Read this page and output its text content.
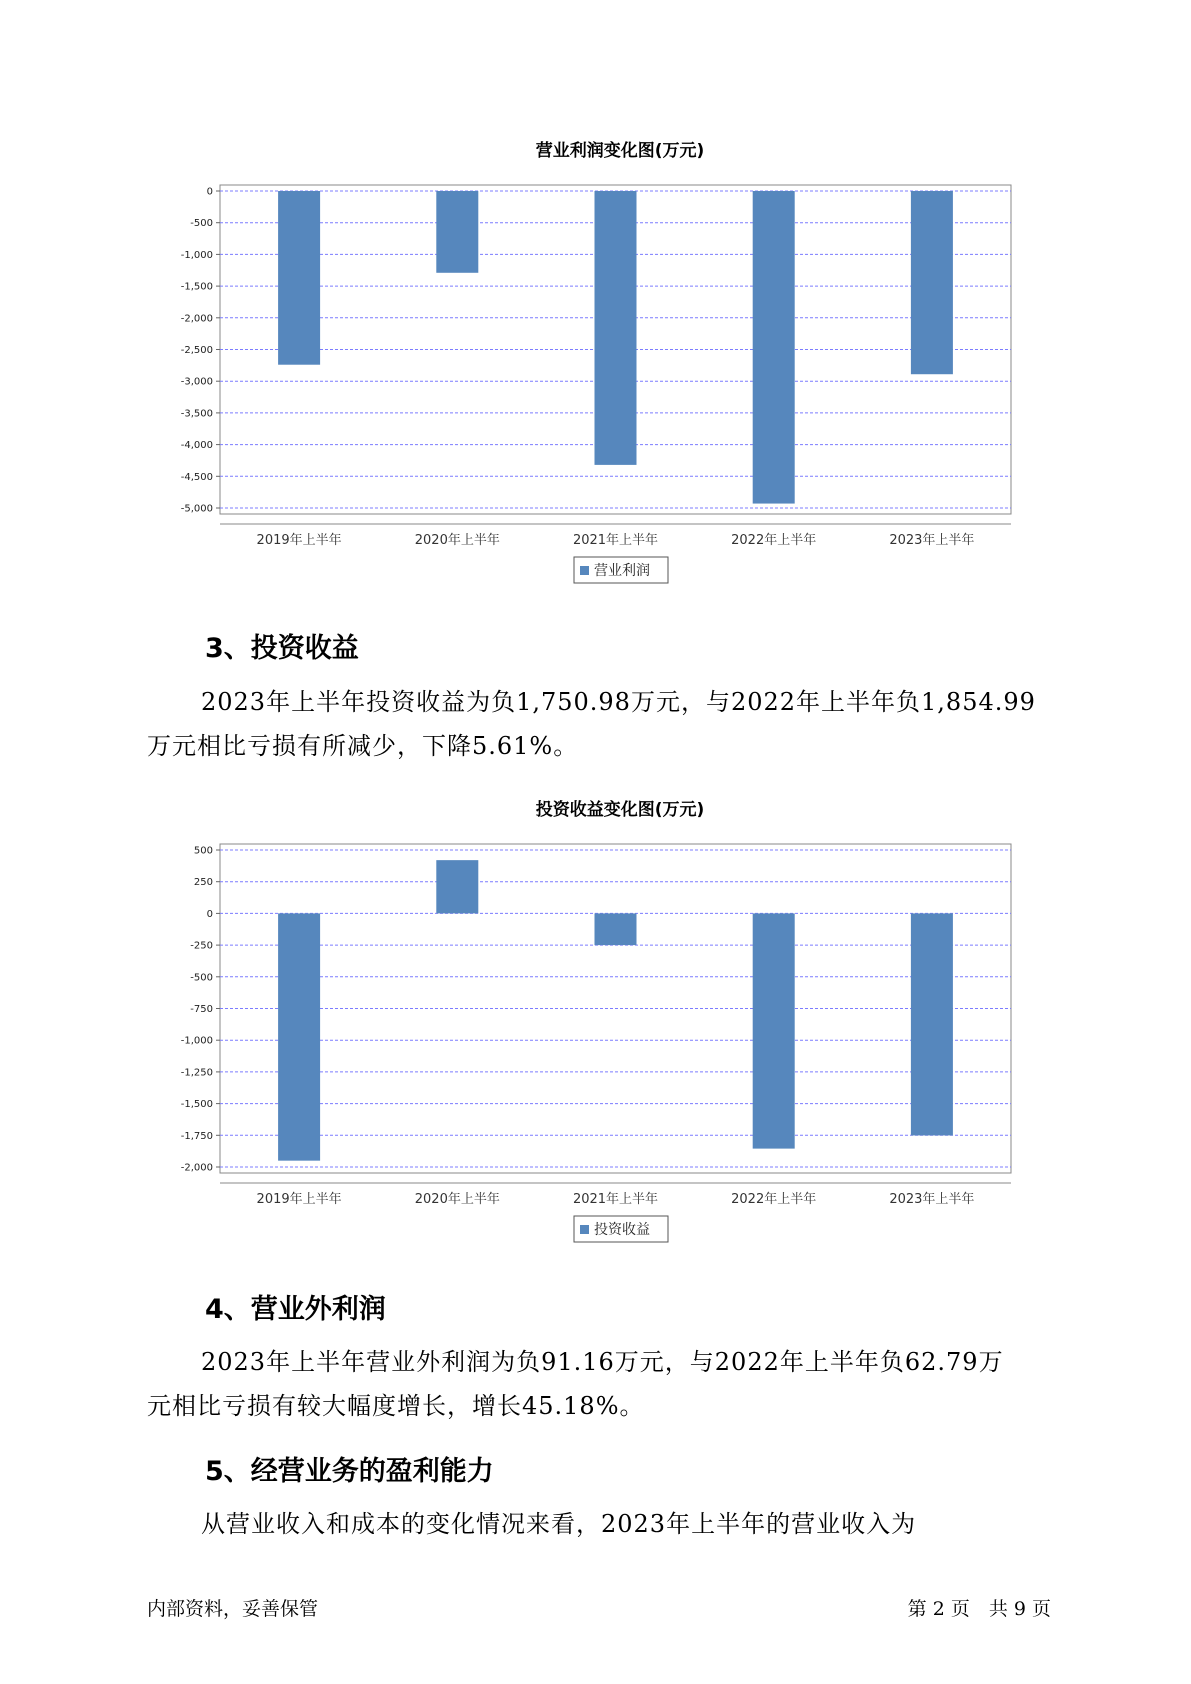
营业利润变化图(万元)
0
-500
-1,000
-1,500
-2,000
-2,500
-3,000
-3,500
-4,000
-4,500
-5,000
2019年上半年	2020年上半年	2021年上半年	2022年上半年	2023年上半年
营业利润
3、投资收益

2023年上半年投资收益为负1,750.98万元，与2022年上半年负1,854.99
万元相比亏损有所减少，下降5.61%。

投资收益变化图(万元)
500
250
0
-250
-500
-750
-1,000
-1,250
-1,500
-1,750
-2,000
2019年上半年	2020年上半年	2021年上半年	2022年上半年	2023年上半年
投资收益
4、营业外利润

2023年上半年营业外利润为负91.16万元，与2022年上半年负62.79万
元相比亏损有较大幅度增长，增长45.18%。

5、经营业务的盈利能力

从营业收入和成本的变化情况来看，2023年上半年的营业收入为

内部资料，妥善保管	第 2 页　共 9 页
